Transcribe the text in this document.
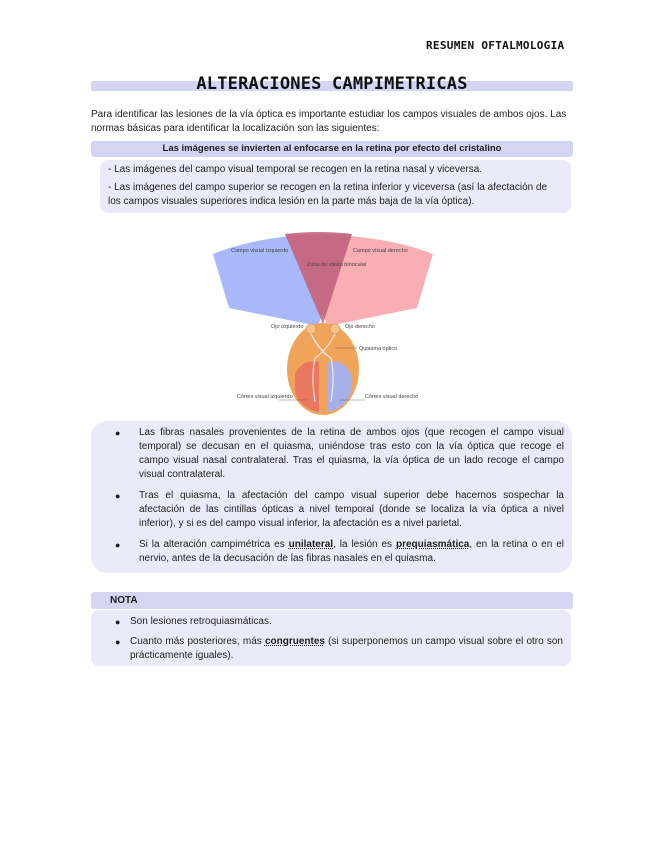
RESUMEN OFTALMOLOGIA
ALTERACIONES CAMPIMETRICAS
Para identificar las lesiones de la vía óptica es importante estudiar los campos visuales de ambos ojos. Las normas básicas para identificar la localización son las siguientes:
Las imágenes se invierten al enfocarse en la retina por efecto del cristalino

- Las imágenes del campo visual temporal se recogen en la retina nasal y viceversa.

- Las imágenes del campo superior se recogen en la retina inferior y viceversa (así la afectación de los campos visuales superiores indica lesión en la parte más baja de la vía óptica).

Campo visual izquierdo	Campo visual derecho
Zona de visión binocular
Ojo izquierdo	Ojo derecho
Quiasma óptico
Córtex visual izquierdo	Córtex visual derecho
● Las fibras nasales provenientes de la retina de ambos ojos (que recogen el campo visual temporal) se decusan en el quiasma, uniéndose tras esto con la vía óptica que recoge el campo visual nasal contralateral. Tras el quiasma, la vía óptica de un lado recoge el campo visual contralateral.
● Tras el quiasma, la afectación del campo visual superior debe hacernos sospechar la afectación de las cintillas ópticas a nivel temporal (donde se localiza la vía óptica a nivel inferior), y si es del campo visual inferior, la afectación es a nivel parietal.
● Si la alteración campimétrica es unilateral, la lesión es prequiasmática, en la retina o en el nervio, antes de la decusación de las fibras nasales en el quiasma.
NOTA
● Son lesiones retroquiasmáticas.
● Cuanto más posteriores, más congruentes (si superponemos un campo visual sobre el otro son prácticamente iguales).
